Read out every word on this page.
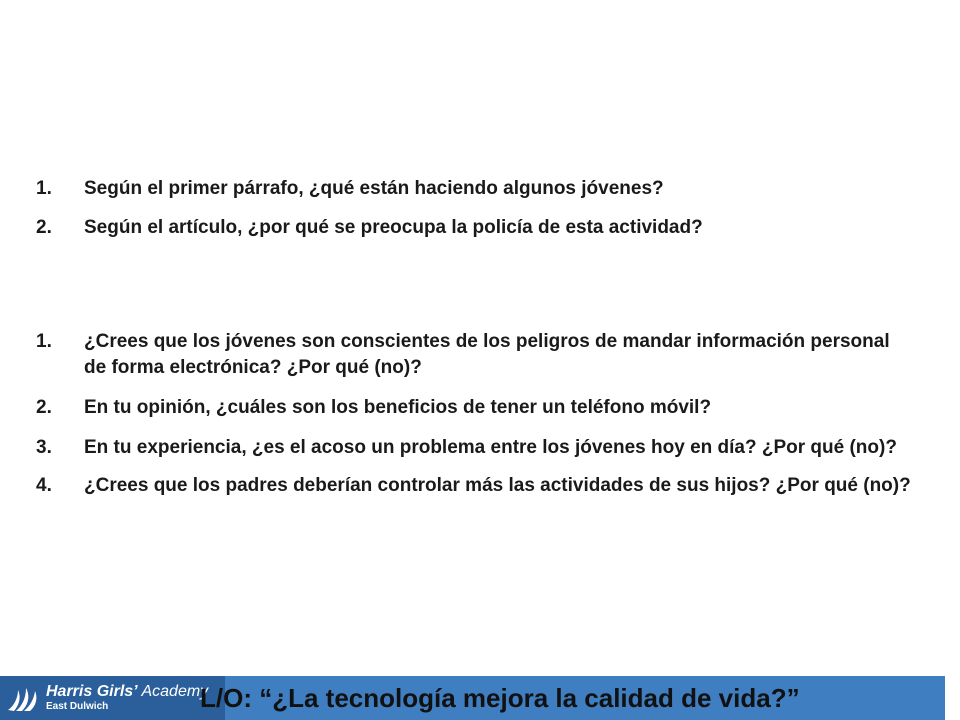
1.	Según el primer párrafo, ¿qué están haciendo algunos jóvenes?
2.	Según el artículo, ¿por qué se preocupa la policía de esta actividad?
1.	¿Crees que los jóvenes son conscientes de los peligros de mandar información personal de forma electrónica? ¿Por qué (no)?
2.	En tu opinión, ¿cuáles son los beneficios de tener un teléfono móvil?
3.	En tu experiencia, ¿es el acoso un problema entre los jóvenes hoy en día? ¿Por qué (no)?
4.	¿Crees que los padres deberían controlar más las actividades de sus hijos? ¿Por qué (no)?
Harris Girls’ Academy
East Dulwich	L/O: “¿La tecnología mejora la calidad de vida?”
